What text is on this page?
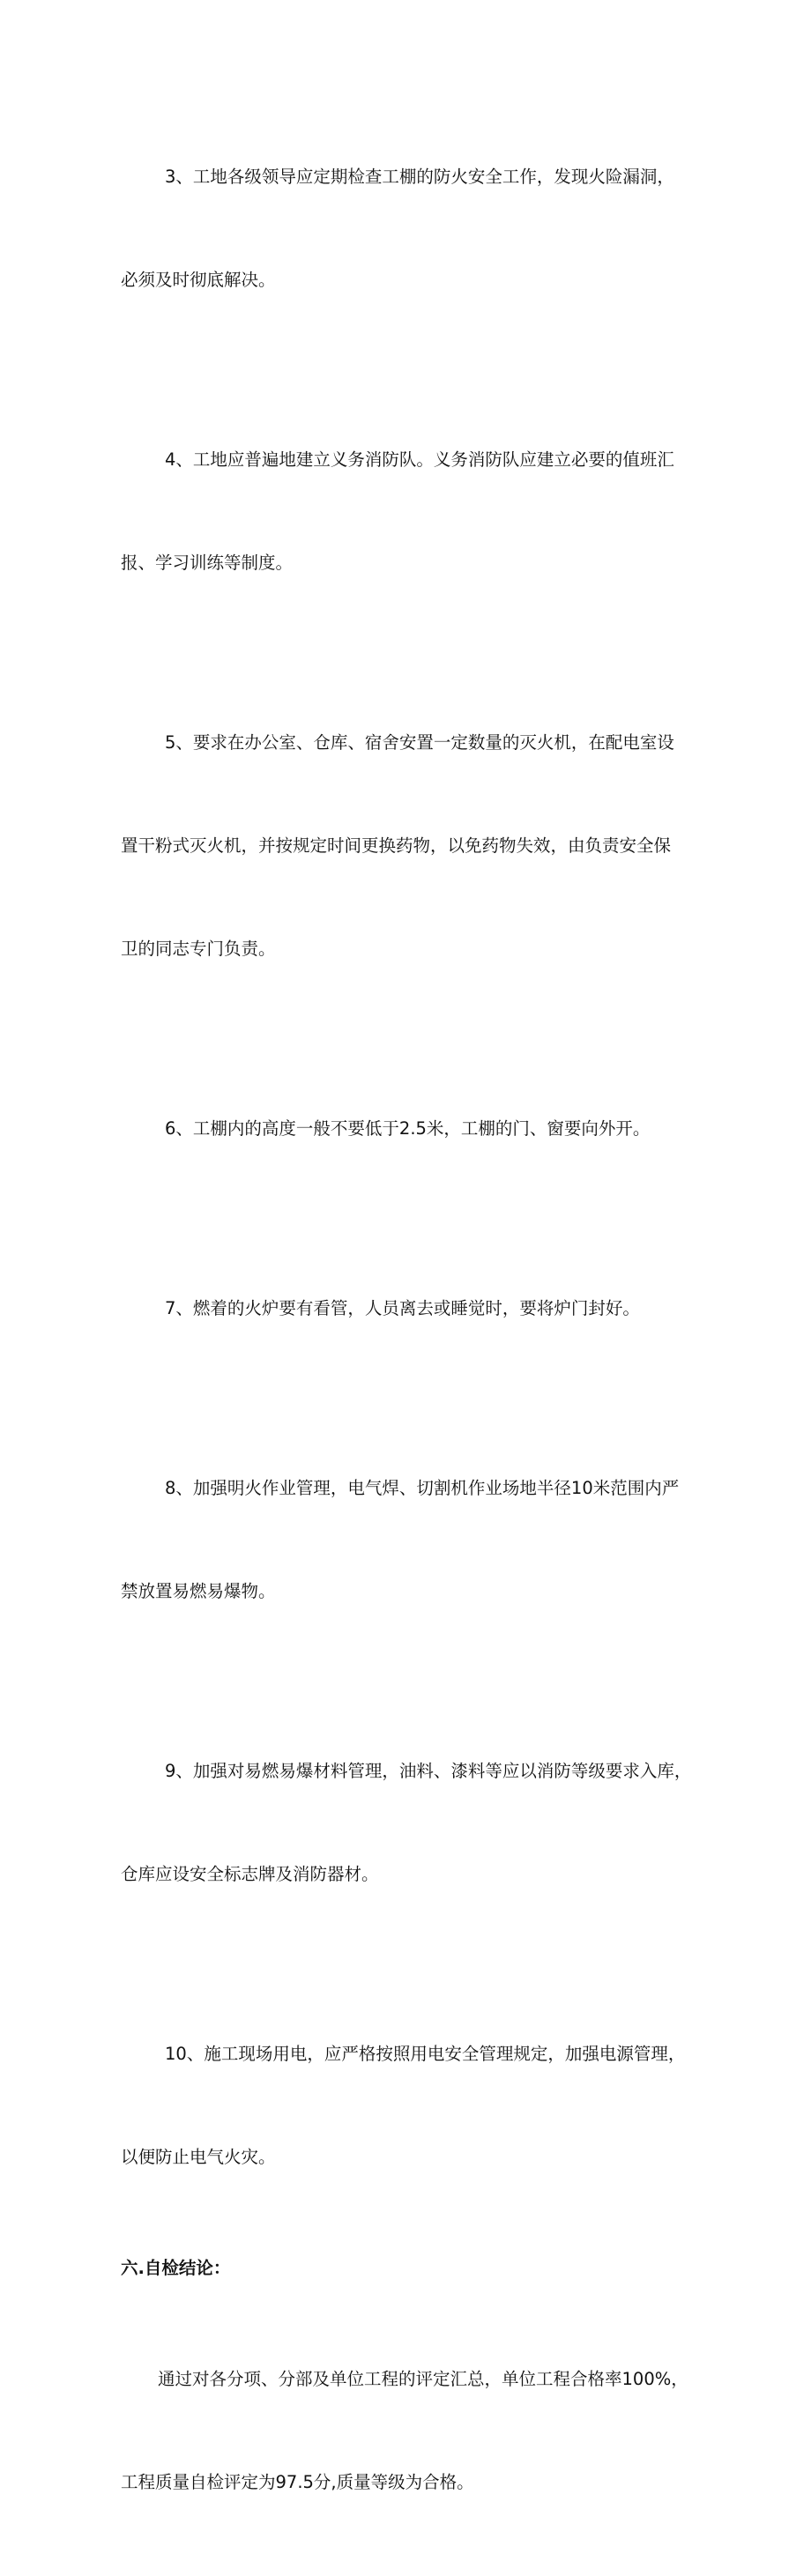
3、工地各级领导应定期检查工棚的防火安全工作，发现火险漏洞，

必须及时彻底解决。

4、工地应普遍地建立义务消防队。义务消防队应建立必要的值班汇

报、学习训练等制度。

5、要求在办公室、仓库、宿舍安置一定数量的灭火机，在配电室设

置干粉式灭火机，并按规定时间更换药物，以免药物失效，由负责安全保

卫的同志专门负责。

6、工棚内的高度一般不要低于2.5米，工棚的门、窗要向外开。

7、燃着的火炉要有看管，人员离去或睡觉时，要将炉门封好。

8、加强明火作业管理，电气焊、切割机作业场地半径10米范围内严

禁放置易燃易爆物。

9、加强对易燃易爆材料管理，油料、漆料等应以消防等级要求入库，

仓库应设安全标志牌及消防器材。

10、施工现场用电，应严格按照用电安全管理规定，加强电源管理，

以便防止电气火灾。

六.自检结论：

通过对各分项、分部及单位工程的评定汇总，单位工程合格率100%，

工程质量自检评定为97.5分,质量等级为合格。
